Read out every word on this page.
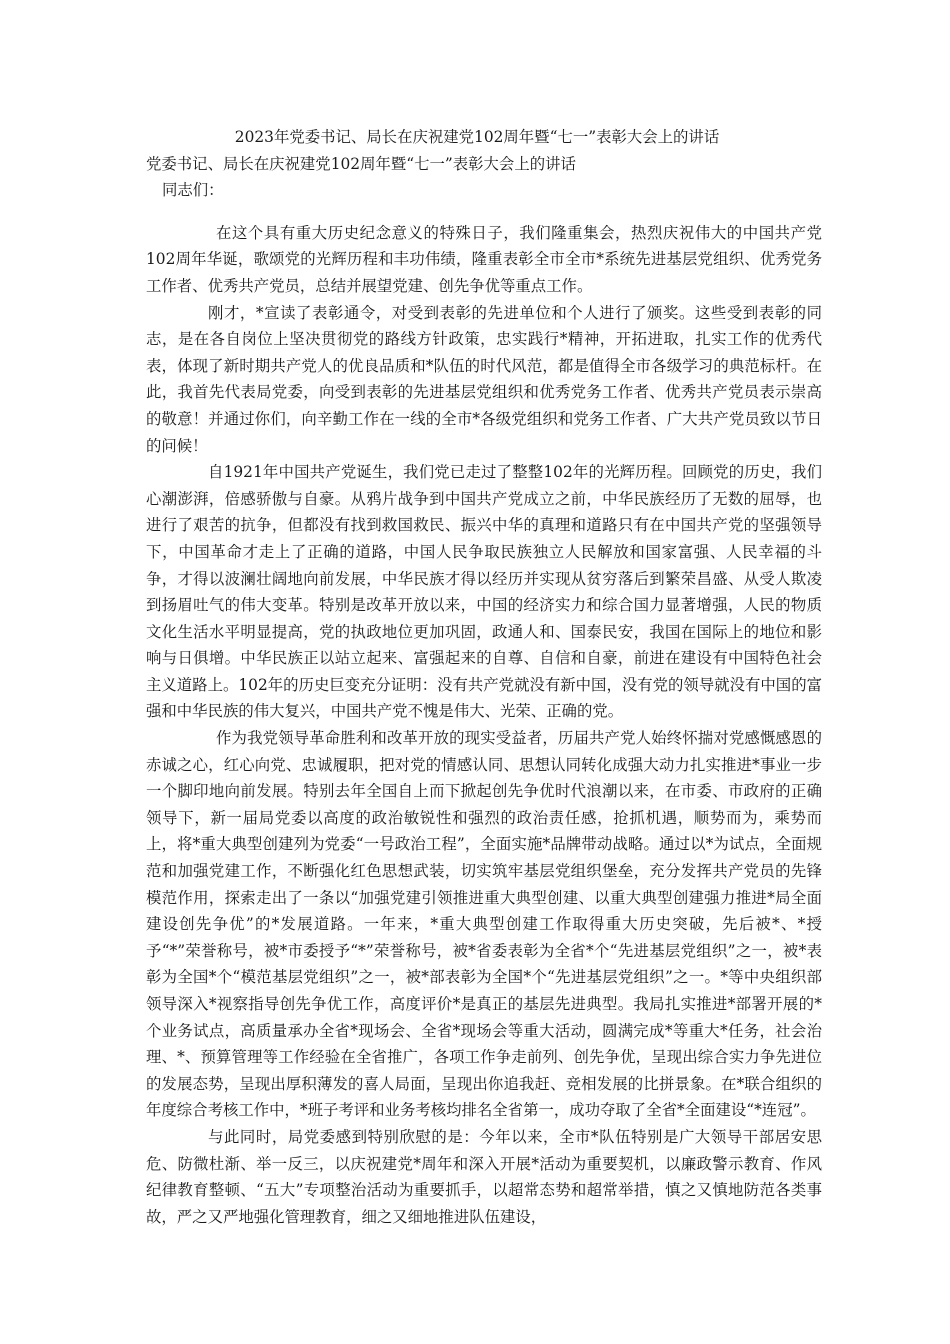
2023年党委书记、局长在庆祝建党102周年暨“七一”表彰大会上的讲话

党委书记、局长在庆祝建党102周年暨“七一”表彰大会上的讲话

同志们：

在这个具有重大历史纪念意义的特殊日子，我们隆重集会，热烈庆祝伟大的中国共产党102周年华诞，歌颂党的光辉历程和丰功伟绩，隆重表彰全市全市*系统先进基层党组织、优秀党务工作者、优秀共产党员，总结并展望党建、创先争优等重点工作。

刚才，*宣读了表彰通令，对受到表彰的先进单位和个人进行了颁奖。这些受到表彰的同志，是在各自岗位上坚决贯彻党的路线方针政策，忠实践行*精神，开拓进取，扎实工作的优秀代表，体现了新时期共产党人的优良品质和*队伍的时代风范，都是值得全市各级学习的典范标杆。在此，我首先代表局党委，向受到表彰的先进基层党组织和优秀党务工作者、优秀共产党员表示崇高的敬意！并通过你们，向辛勤工作在一线的全市*各级党组织和党务工作者、广大共产党员致以节日的问候！

自1921年中国共产党诞生，我们党已走过了整整102年的光辉历程。回顾党的历史，我们心潮澎湃，倍感骄傲与自豪。从鸦片战争到中国共产党成立之前，中华民族经历了无数的屈辱，也进行了艰苦的抗争，但都没有找到救国救民、振兴中华的真理和道路只有在中国共产党的坚强领导下，中国革命才走上了正确的道路，中国人民争取民族独立人民解放和国家富强、人民幸福的斗争，才得以波澜壮阔地向前发展，中华民族才得以经历并实现从贫穷落后到繁荣昌盛、从受人欺凌到扬眉吐气的伟大变革。特别是改革开放以来，中国的经济实力和综合国力显著增强，人民的物质文化生活水平明显提高，党的执政地位更加巩固，政通人和、国泰民安，我国在国际上的地位和影响与日俱增。中华民族正以站立起来、富强起来的自尊、自信和自豪，前进在建设有中国特色社会主义道路上。102年的历史巨变充分证明：没有共产党就没有新中国，没有党的领导就没有中国的富强和中华民族的伟大复兴，中国共产党不愧是伟大、光荣、正确的党。

作为我党领导革命胜利和改革开放的现实受益者，历届共产党人始终怀揣对党感慨感恩的赤诚之心，红心向党、忠诚履职，把对党的情感认同、思想认同转化成强大动力扎实推进*事业一步一个脚印地向前发展。特别去年全国自上而下掀起创先争优时代浪潮以来，在市委、市政府的正确领导下，新一届局党委以高度的政治敏锐性和强烈的政治责任感，抢抓机遇，顺势而为，乘势而上，将*重大典型创建列为党委“一号政治工程”，全面实施*品牌带动战略。通过以*为试点，全面规范和加强党建工作，不断强化红色思想武装，切实筑牢基层党组织堡垒，充分发挥共产党员的先锋模范作用，探索走出了一条以“加强党建引领推进重大典型创建、以重大典型创建强力推进*局全面建设创先争优”的*发展道路。一年来，*重大典型创建工作取得重大历史突破，先后被*、*授予“*”荣誉称号，被*市委授予“*”荣誉称号，被*省委表彰为全省*个“先进基层党组织”之一，被*表彰为全国*个“模范基层党组织”之一，被*部表彰为全国*个“先进基层党组织”之一。*等中央组织部领导深入*视察指导创先争优工作，高度评价*是真正的基层先进典型。我局扎实推进*部署开展的*个业务试点，高质量承办全省*现场会、全省*现场会等重大活动，圆满完成*等重大*任务，社会治理、*、预算管理等工作经验在全省推广，各项工作争走前列、创先争优，呈现出综合实力争先进位的发展态势，呈现出厚积薄发的喜人局面，呈现出你追我赶、竞相发展的比拼景象。在*联合组织的年度综合考核工作中，*班子考评和业务考核均排名全省第一，成功夺取了全省*全面建设“*连冠”。

与此同时，局党委感到特别欣慰的是：今年以来，全市*队伍特别是广大领导干部居安思危、防微杜渐、举一反三，以庆祝建党*周年和深入开展*活动为重要契机，以廉政警示教育、作风纪律教育整顿、“五大”专项整治活动为重要抓手，以超常态势和超常举措，慎之又慎地防范各类事故，严之又严地强化管理教育，细之又细地推进队伍建设，
